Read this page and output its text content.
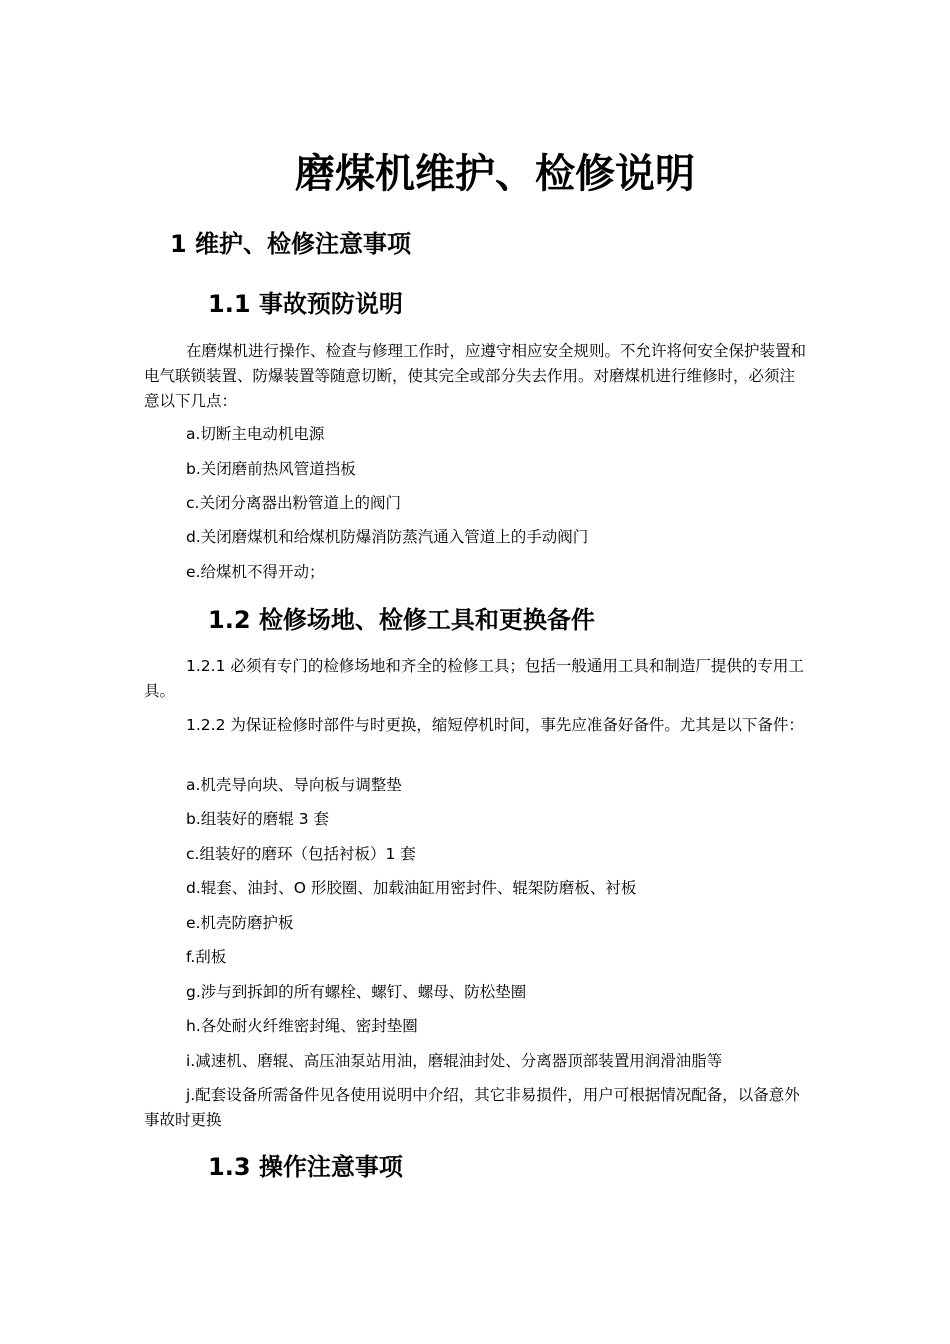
磨煤机维护、检修说明
1 维护、检修注意事项
1.1 事故预防说明

在磨煤机进行操作、检查与修理工作时，应遵守相应安全规则。不允许将何安全保护装置和电气联锁装置、防爆装置等随意切断，使其完全或部分失去作用。对磨煤机进行维修时，必须注意以下几点：

a.切断主电动机电源

b.关闭磨前热风管道挡板

c.关闭分离器出粉管道上的阀门

d.关闭磨煤机和给煤机防爆消防蒸汽通入管道上的手动阀门

e.给煤机不得开动；

1.2 检修场地、检修工具和更换备件

1.2.1 必须有专门的检修场地和齐全的检修工具；包括一般通用工具和制造厂提供的专用工具。

1.2.2 为保证检修时部件与时更换，缩短停机时间，事先应准备好备件。尤其是以下备件：

a.机壳导向块、导向板与调整垫

b.组装好的磨辊 3 套

c.组装好的磨环（包括衬板）1 套

d.辊套、油封、O 形胶圈、加载油缸用密封件、辊架防磨板、衬板

e.机壳防磨护板

f.刮板

g.涉与到拆卸的所有螺栓、螺钉、螺母、防松垫圈

h.各处耐火纤维密封绳、密封垫圈

i.减速机、磨辊、高压油泵站用油，磨辊油封处、分离器顶部装置用润滑油脂等

j.配套设备所需备件见各使用说明中介绍，其它非易损件，用户可根据情况配备，以备意外事故时更换

1.3 操作注意事项
